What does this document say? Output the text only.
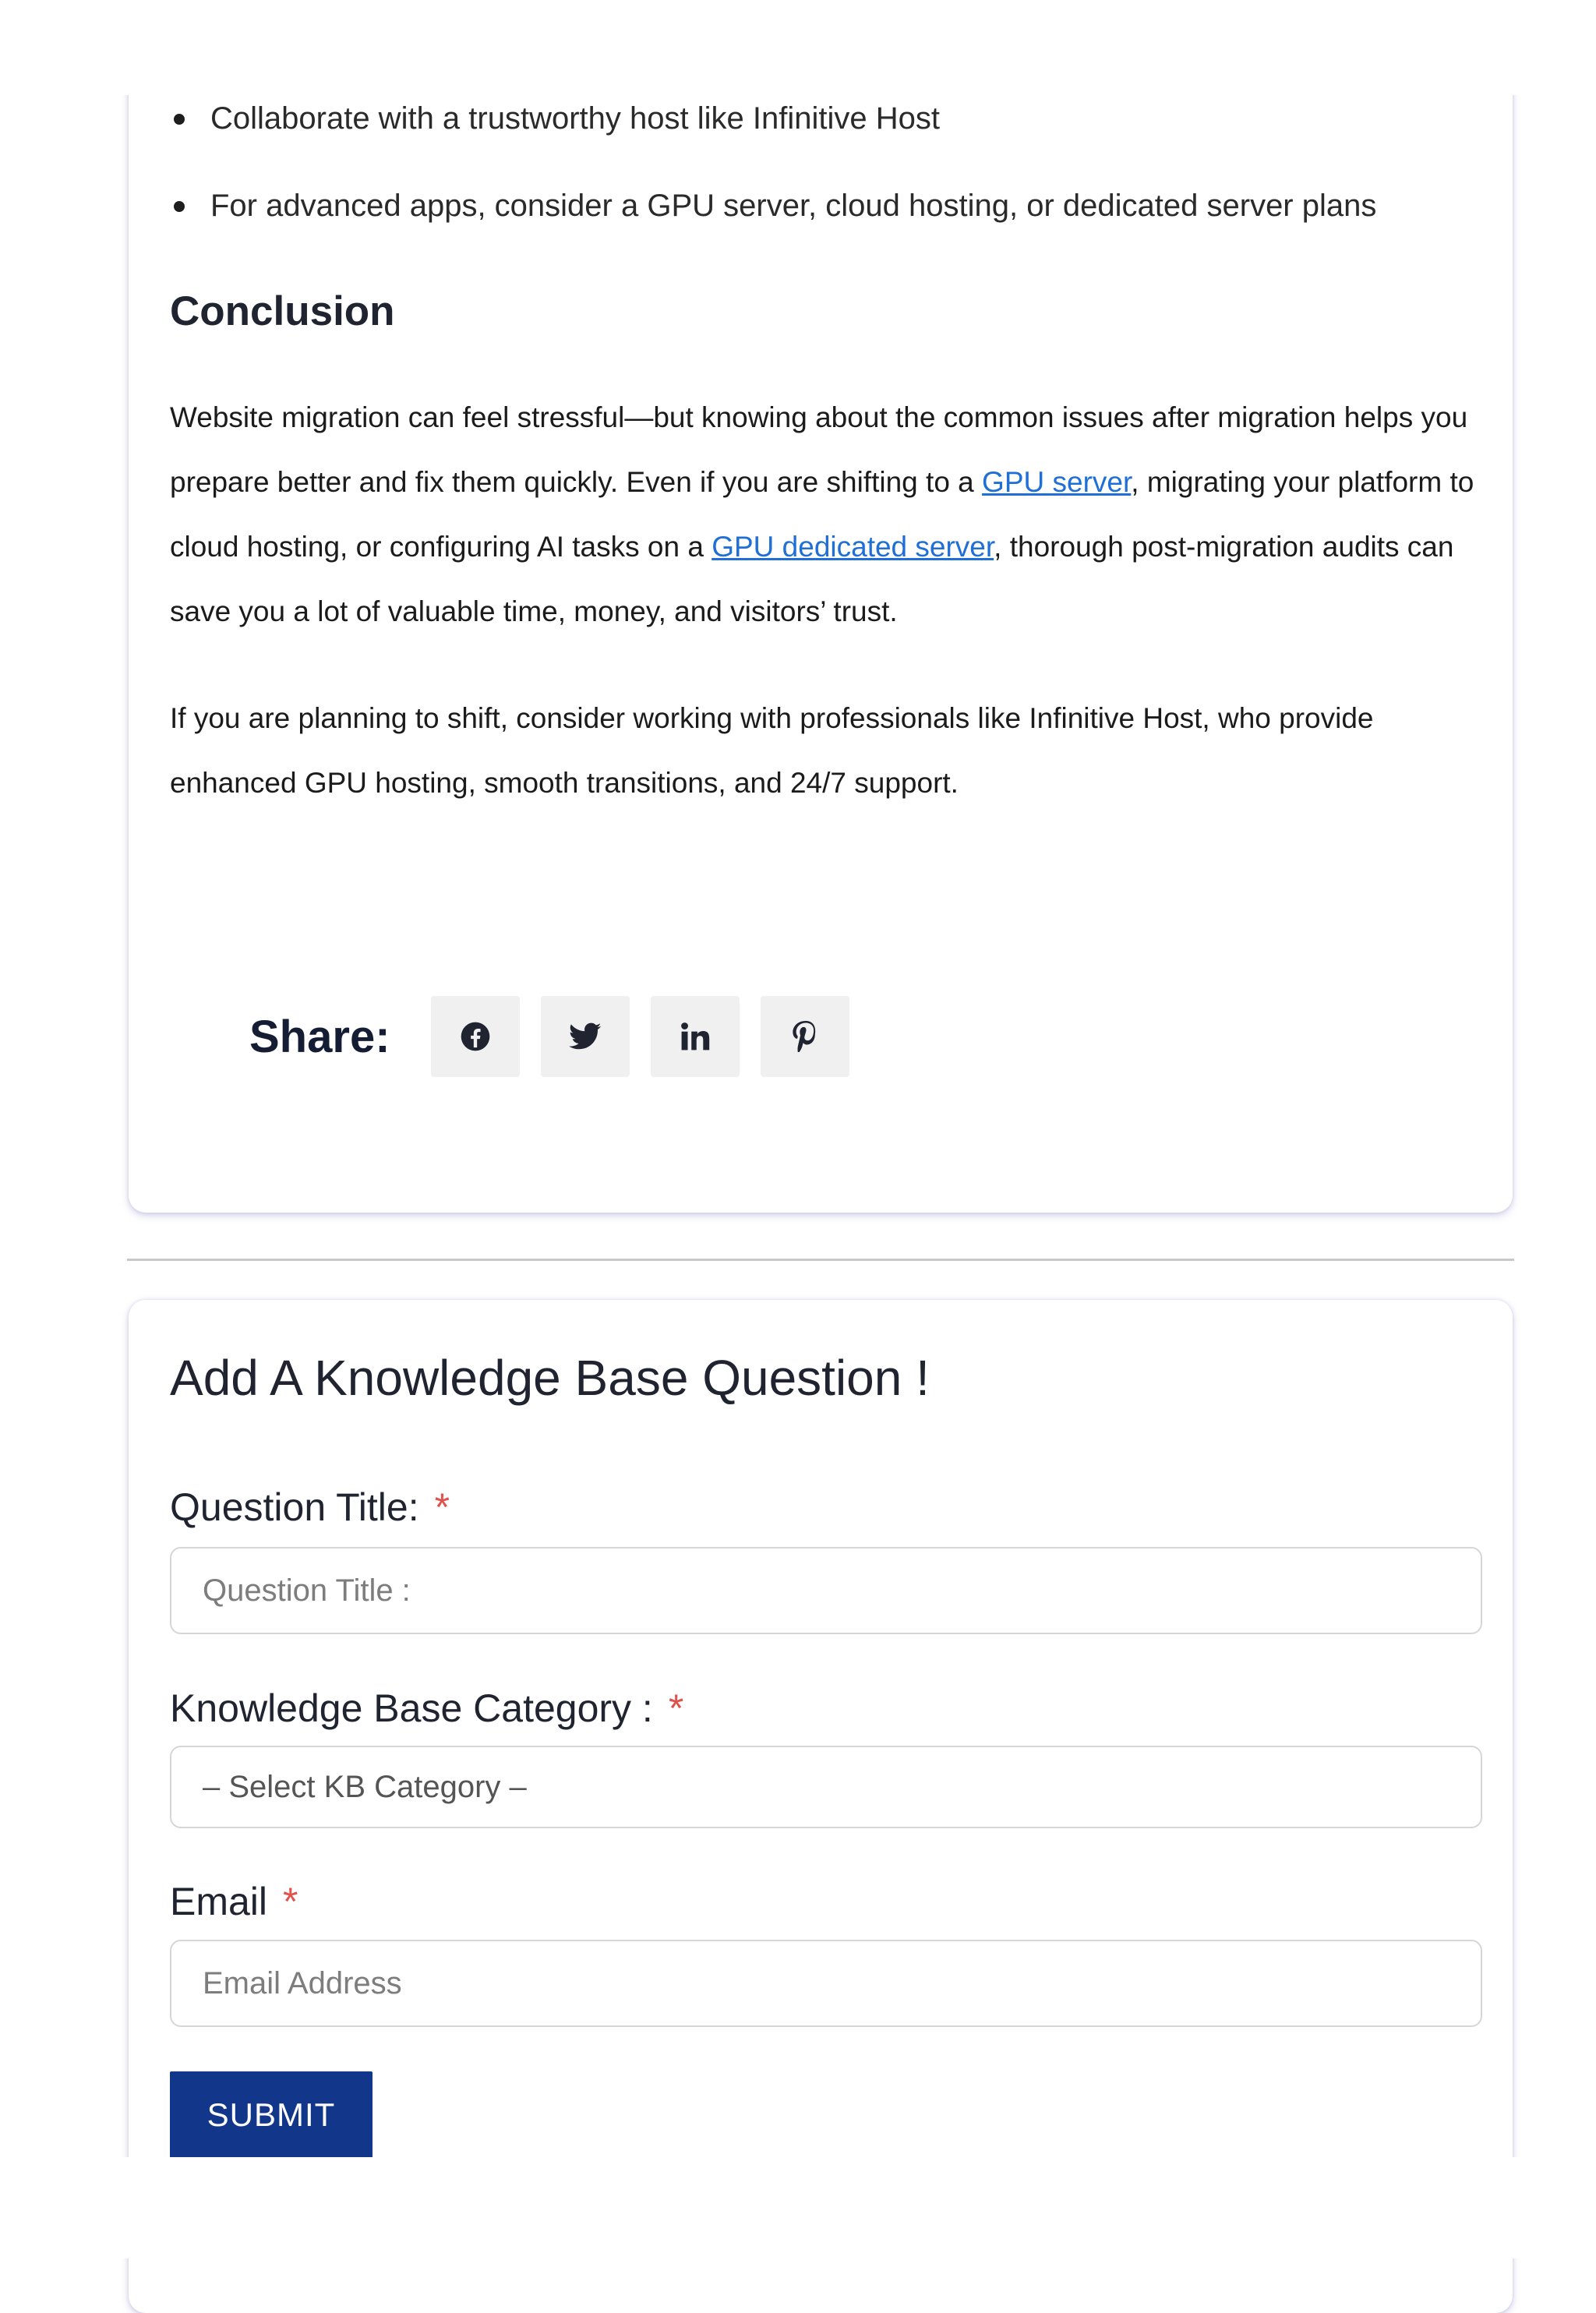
Collaborate with a trustworthy host like Infinitive Host
For advanced apps, consider a GPU server, cloud hosting, or dedicated server plans
Conclusion

Website migration can feel stressful—but knowing about the common issues after migration helps you prepare better and fix them quickly. Even if you are shifting to a GPU server, migrating your platform to cloud hosting, or configuring AI tasks on a GPU dedicated server, thorough post-migration audits can save you a lot of valuable time, money, and visitors’ trust.

If you are planning to shift, consider working with professionals like Infinitive Host, who provide enhanced GPU hosting, smooth transitions, and 24/7 support.

Share:
Add A Knowledge Base Question !
Question Title: *
Question Title :
Knowledge Base Category : *
– Select KB Category –
Email *
Email Address
SUBMIT
